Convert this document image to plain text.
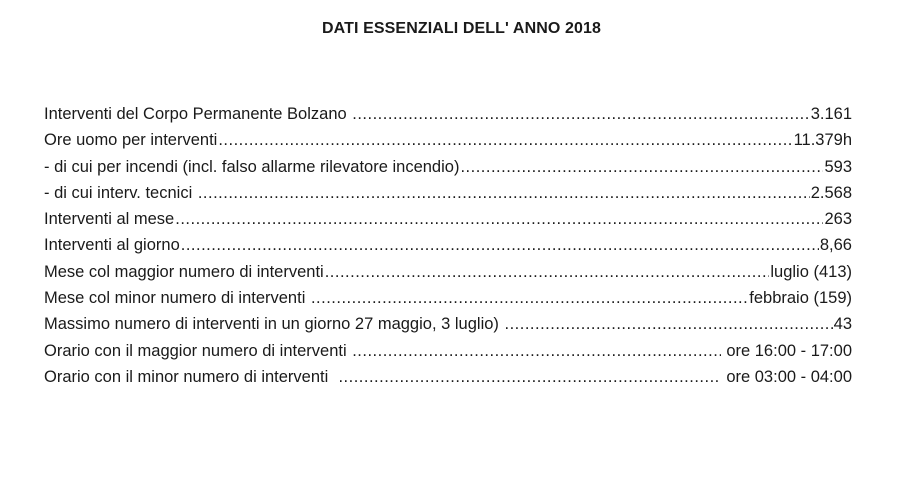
DATI ESSENZIALI DELL' ANNO 2018
Interventi del Corpo Permanente Bolzano .....	3.161
Ore uomo per interventi .....	11.379h
- di cui per incendi (incl. falso allarme rilevatore incendio) .....	593
- di cui interv. tecnici .....	2.568
Interventi al mese .....	263
Interventi al giorno .....	8,66
Mese col maggior numero di interventi .....	luglio (413)
Mese col minor numero di interventi .....	febbraio (159)
Massimo numero di interventi in un giorno 27 maggio, 3 luglio) .....	43
Orario con il maggior numero di interventi .....	ore 16:00 - 17:00
Orario con il minor numero di interventi .....	ore 03:00 - 04:00
